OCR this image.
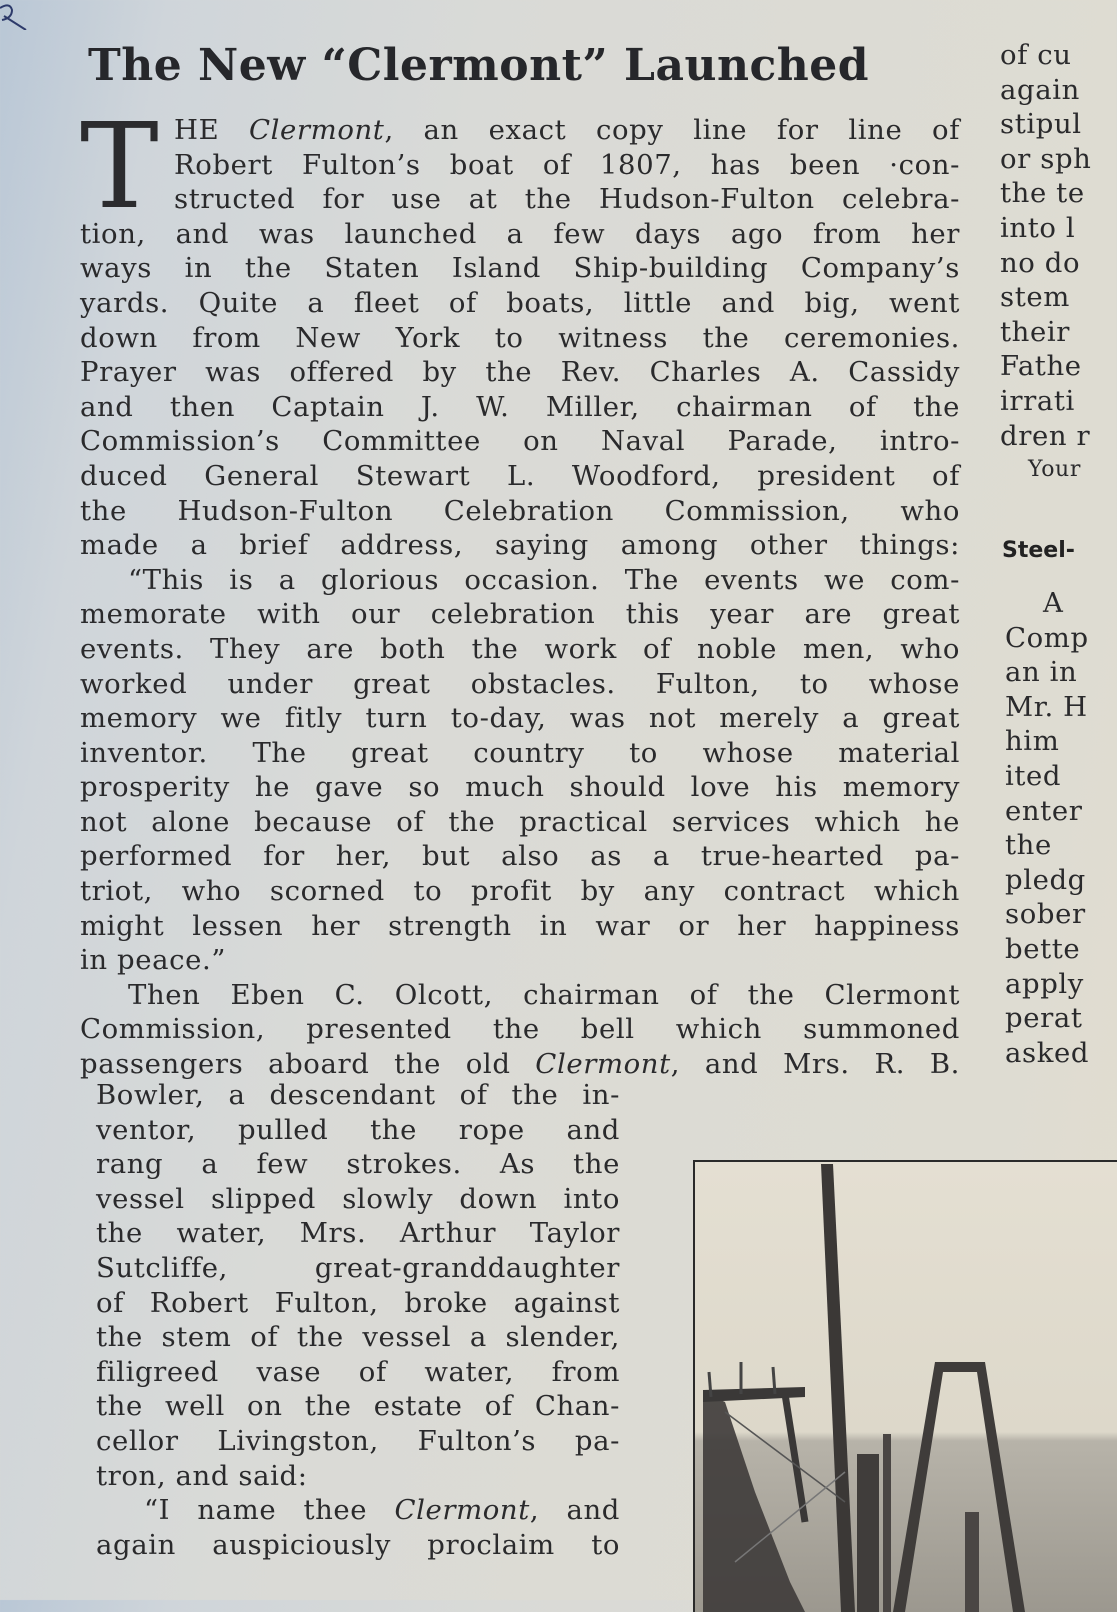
The New “Clermont” Launched
T HE Clermont, an exact copy line for line of
Robert Fulton’s boat of 1807, has been ·con-
structed for use at the Hudson-Fulton celebra-
tion, and was launched a few days ago from her
ways in the Staten Island Ship-building Company’s
yards. Quite a fleet of boats, little and big, went
down from New York to witness the ceremonies.
Prayer was offered by the Rev. Charles A. Cassidy
and then Captain J. W. Miller, chairman of the
Commission’s Committee on Naval Parade, intro-
duced General Stewart L. Woodford, president of
the Hudson-Fulton Celebration Commission, who
made a brief address, saying among other things:
“This is a glorious occasion. The events we com-
memorate with our celebration this year are great
events. They are both the work of noble men, who
worked under great obstacles. Fulton, to whose
memory we fitly turn to-day, was not merely a great
inventor. The great country to whose material
prosperity he gave so much should love his memory
not alone because of the practical services which he
performed for her, but also as a true-hearted pa-
triot, who scorned to profit by any contract which
might lessen her strength in war or her happiness
in peace.”
Then Eben C. Olcott, chairman of the Clermont
Commission, presented the bell which summoned
passengers aboard the old Clermont, and Mrs. R. B.
Bowler, a descendant of the in-
ventor, pulled the rope and
rang a few strokes. As the
vessel slipped slowly down into
the water, Mrs. Arthur Taylor
Sutcliffe, great-granddaughter
of Robert Fulton, broke against
the stem of the vessel a slender,
filigreed vase of water, from
the well on the estate of Chan-
cellor Livingston, Fulton’s pa-
tron, and said:
“I name thee Clermont, and
again auspiciously proclaim to
of cu
again
stipul
or sph
the te
into l
no do
stem
their
Fathe
irrati
dren r
Your
Steel-
A
Comp
an in
Mr. H
him
ited
enter
the
pledg
sober
bette
apply
perat
asked
